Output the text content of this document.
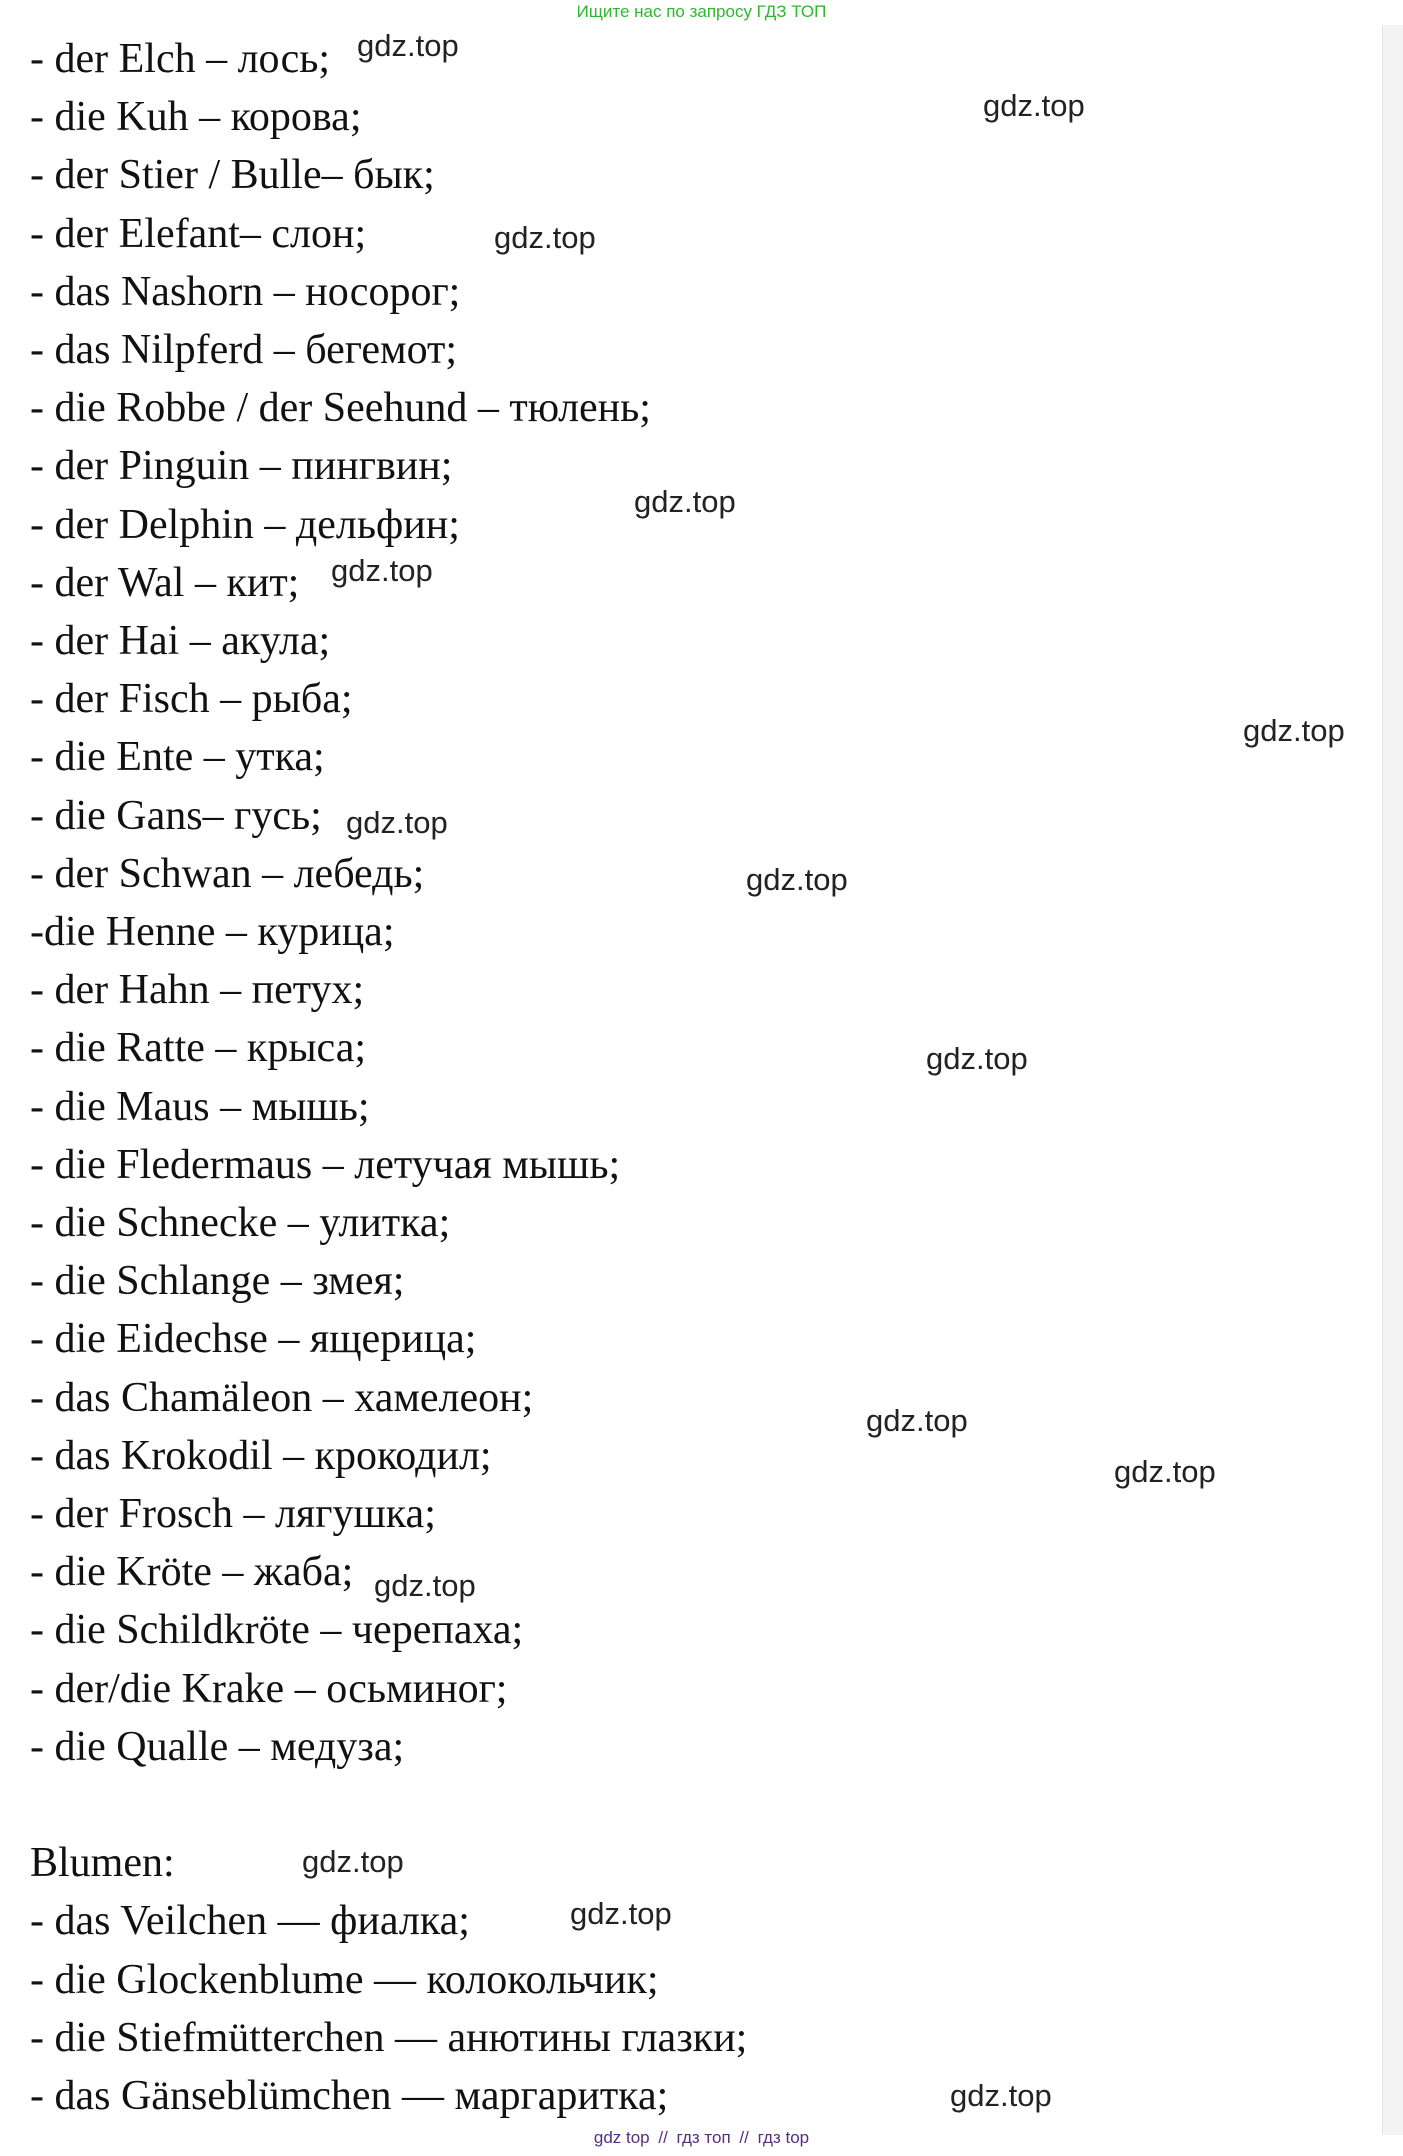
Ищите нас по запросу ГДЗ ТОП
- der Elch – лось;
- die Kuh – корова;
- der Stier / Bulle– бык;
- der Elefant– слон;
- das Nashorn – носорог;
- das Nilpferd – бегемот;
- die Robbe / der Seehund – тюлень;
- der Pinguin – пингвин;
- der Delphin – дельфин;
- der Wal – кит;
- der Hai – акула;
- der Fisch – рыба;
- die Ente – утка;
- die Gans– гусь;
- der Schwan – лебедь;
-die Henne – курица;
- der Hahn – петух;
- die Ratte – крыса;
- die Maus – мышь;
- die Fledermaus – летучая мышь;
- die Schnecke – улитка;
- die Schlange – змея;
- die Eidechse – ящерица;
- das Chamäleon – хамелеон;
- das Krokodil – крокодил;
- der Frosch – лягушка;
- die Kröte – жаба;
- die Schildkröte – черепаха;
- der/die Krake – осьминог;
- die Qualle – медуза;
Blumen:
- das Veilchen — фиалка;
- die Glockenblume — колокольчик;
- die Stiefmütterchen — анютины глазки;
- das Gänseblümchen — маргаритка;
gdz.top
gdz.top
gdz.top
gdz.top
gdz.top
gdz.top
gdz.top
gdz.top
gdz.top
gdz.top
gdz.top
gdz.top
gdz.top
gdz.top
gdz.top
gdz top // гдз топ // гдз top
